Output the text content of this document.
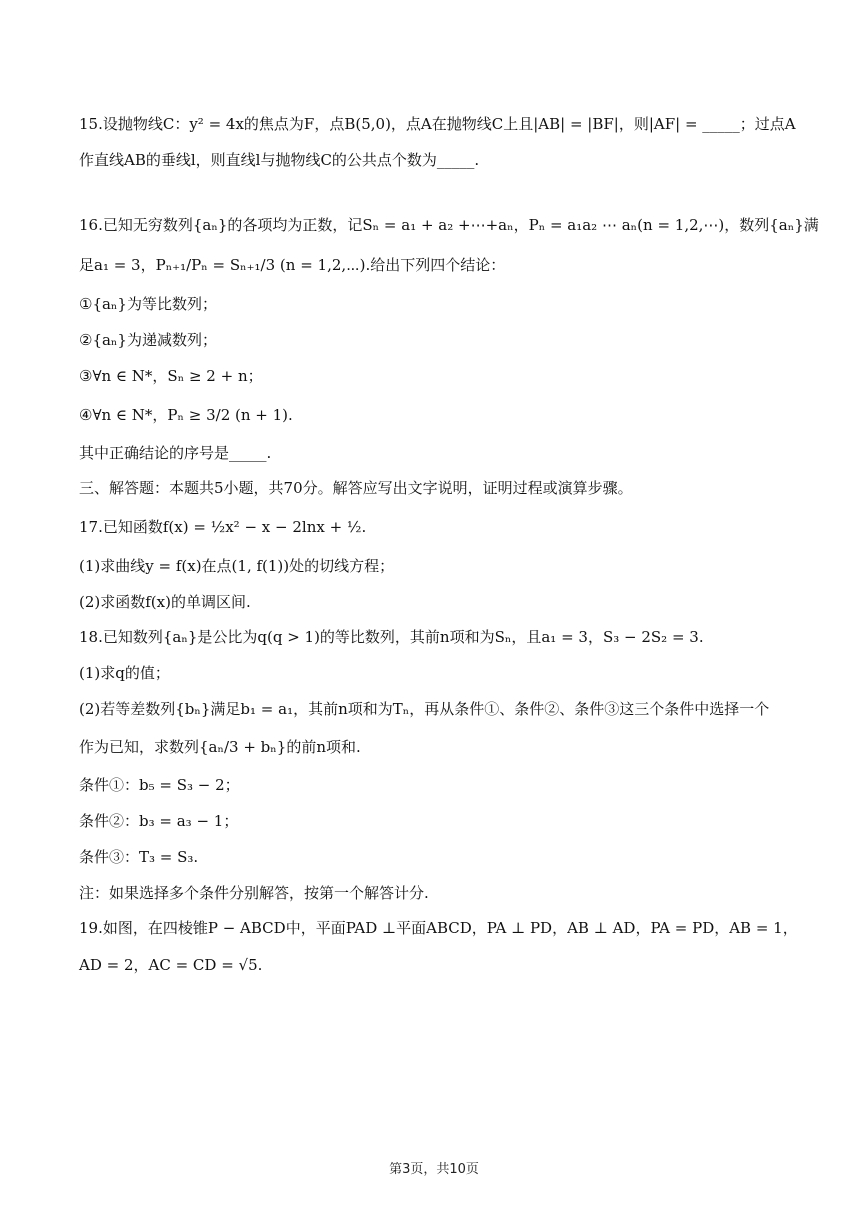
15.设抛物线C：y² = 4x的焦点为F，点B(5,0)，点A在抛物线C上且|AB| = |BF|，则|AF| = _____；过点A
作直线AB的垂线l，则直线l与抛物线C的公共点个数为_____.
16.已知无穷数列{aₙ}的各项均为正数，记Sₙ = a₁ + a₂ +⋯+aₙ，Pₙ = a₁a₂ ⋯ aₙ(n = 1,2,⋯)，数列{aₙ}满
足a₁ = 3，Pₙ₊₁/Pₙ = Sₙ₊₁/3 (n = 1,2,⋯).给出下列四个结论：
①{aₙ}为等比数列；
②{aₙ}为递减数列；
③∀n ∈ N*，Sₙ ≥ 2 + n；
④∀n ∈ N*，Pₙ ≥ 3/2 (n + 1).
其中正确结论的序号是_____.
三、解答题：本题共5小题，共70分。解答应写出文字说明，证明过程或演算步骤。
17.已知函数f(x) = ½x² − x − 2lnx + ½.
(1)求曲线y = f(x)在点(1, f(1))处的切线方程；
(2)求函数f(x)的单调区间.
18.已知数列{aₙ}是公比为q(q > 1)的等比数列，其前n项和为Sₙ，且a₁ = 3，S₃ − 2S₂ = 3.
(1)求q的值；
(2)若等差数列{bₙ}满足b₁ = a₁，其前n项和为Tₙ，再从条件①、条件②、条件③这三个条件中选择一个
作为已知，求数列{aₙ/3 + bₙ}的前n项和.
条件①：b₅ = S₃ − 2；
条件②：b₃ = a₃ − 1；
条件③：T₃ = S₃.
注：如果选择多个条件分别解答，按第一个解答计分.
19.如图，在四棱锥P − ABCD中，平面PAD ⊥平面ABCD，PA ⊥ PD，AB ⊥ AD，PA = PD，AB = 1，
AD = 2，AC = CD = √5.
第3页，共10页
